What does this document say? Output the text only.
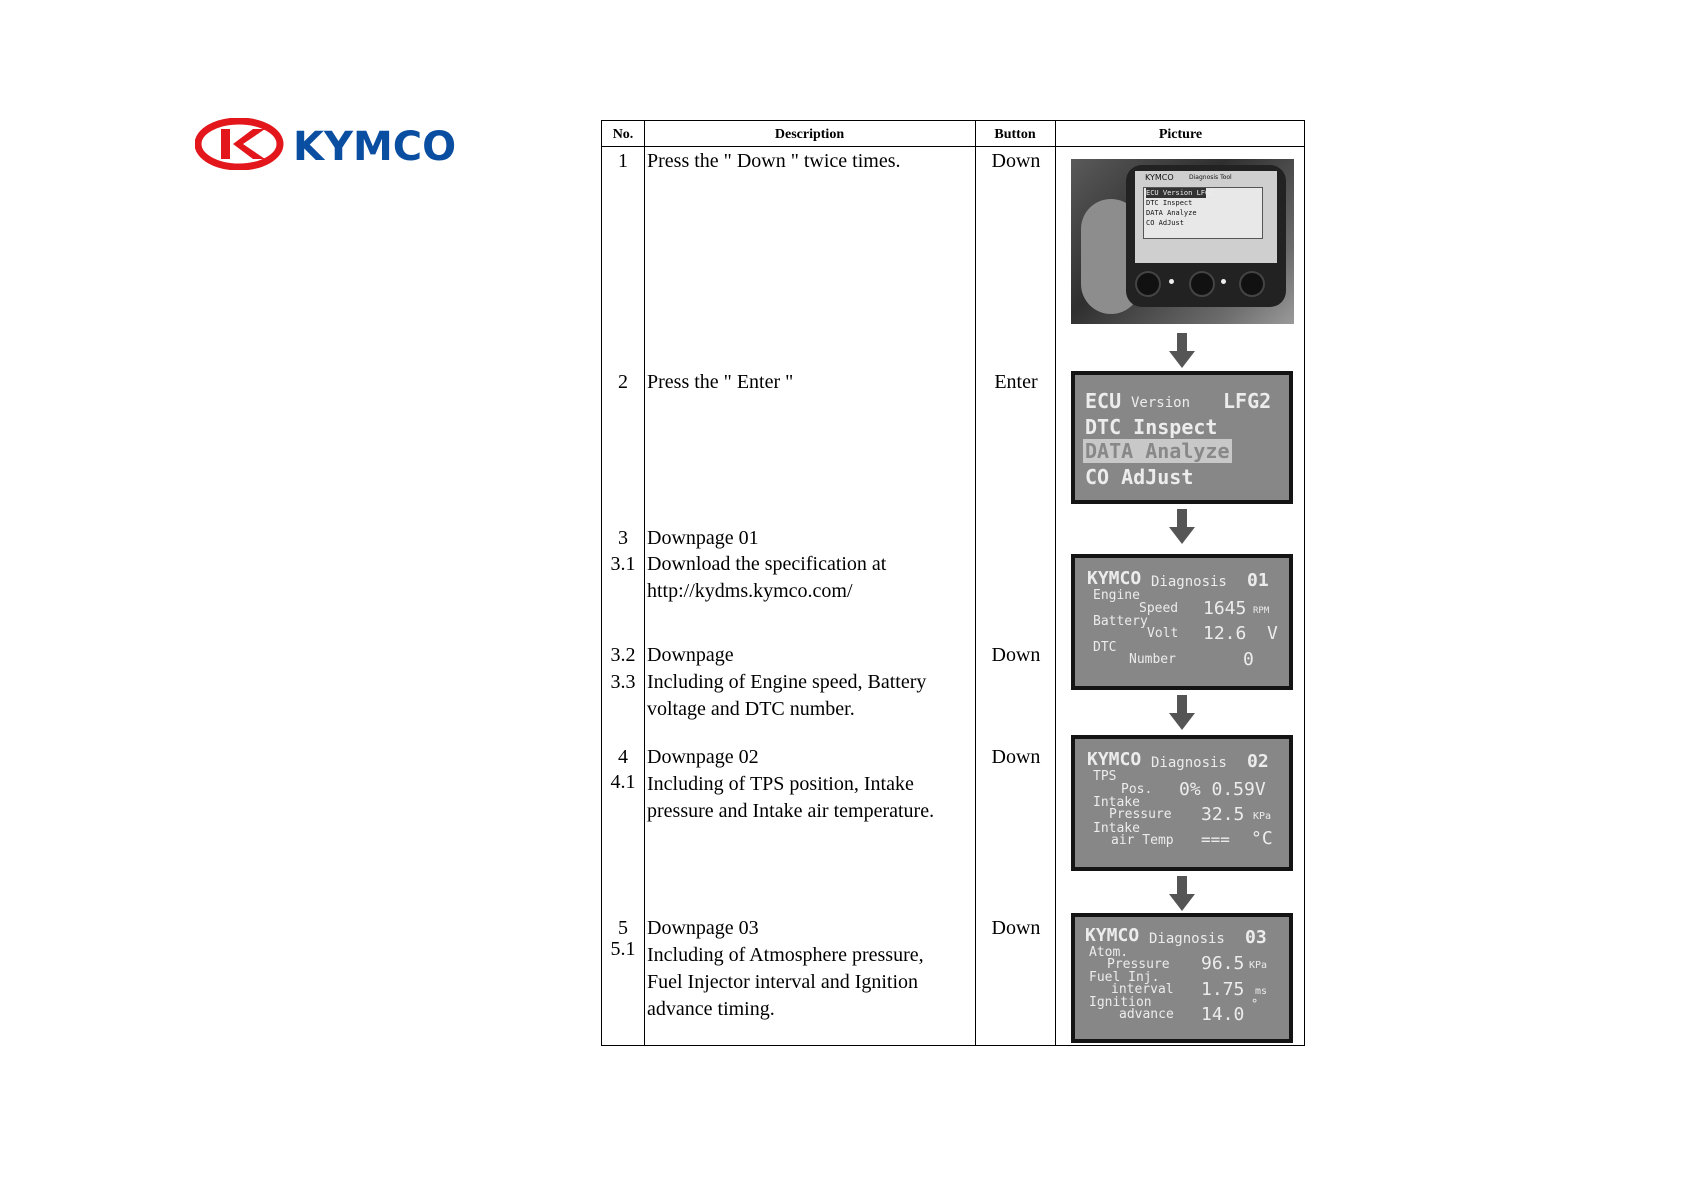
KYMCO	No.	Description	Button	Picture
1 Press the " Down " twice times.	Down
2 Press the " Enter "	Enter
3 Downpage 01
3.1 Download the specification at
http://kydms.kymco.com/
3.2 Downpage	Down
3.3 Including of Engine speed, Battery
voltage and DTC number.
4 Downpage 02	Down
4.1 Including of TPS position, Intake
pressure and Intake air temperature.
5 Downpage 03	Down
5.1 Including of Atmosphere pressure,
Fuel Injector interval and Ignition
advance timing.
KYMCO	Diagnosis Tool
ECU Version LFG2
DTC Inspect
DATA Analyze
CO AdJust
ECU Version LFG2
DTC Inspect
DATA Analyze
CO AdJust
KYMCO Diagnosis 01
Engine
Speed 1645 RPM
Battery
Volt 12.6 V
DTC
Number	0
KYMCO Diagnosis 02
TPS
Pos. 0% 0.59V
Intake
Pressure 32.5 KPa
Intake
air Temp === °C
KYMCO Diagnosis 03
Atom.
Pressure 96.5 KPa
Fuel Inj.
interval 1.75 ms
Ignition
advance 14.0 °
